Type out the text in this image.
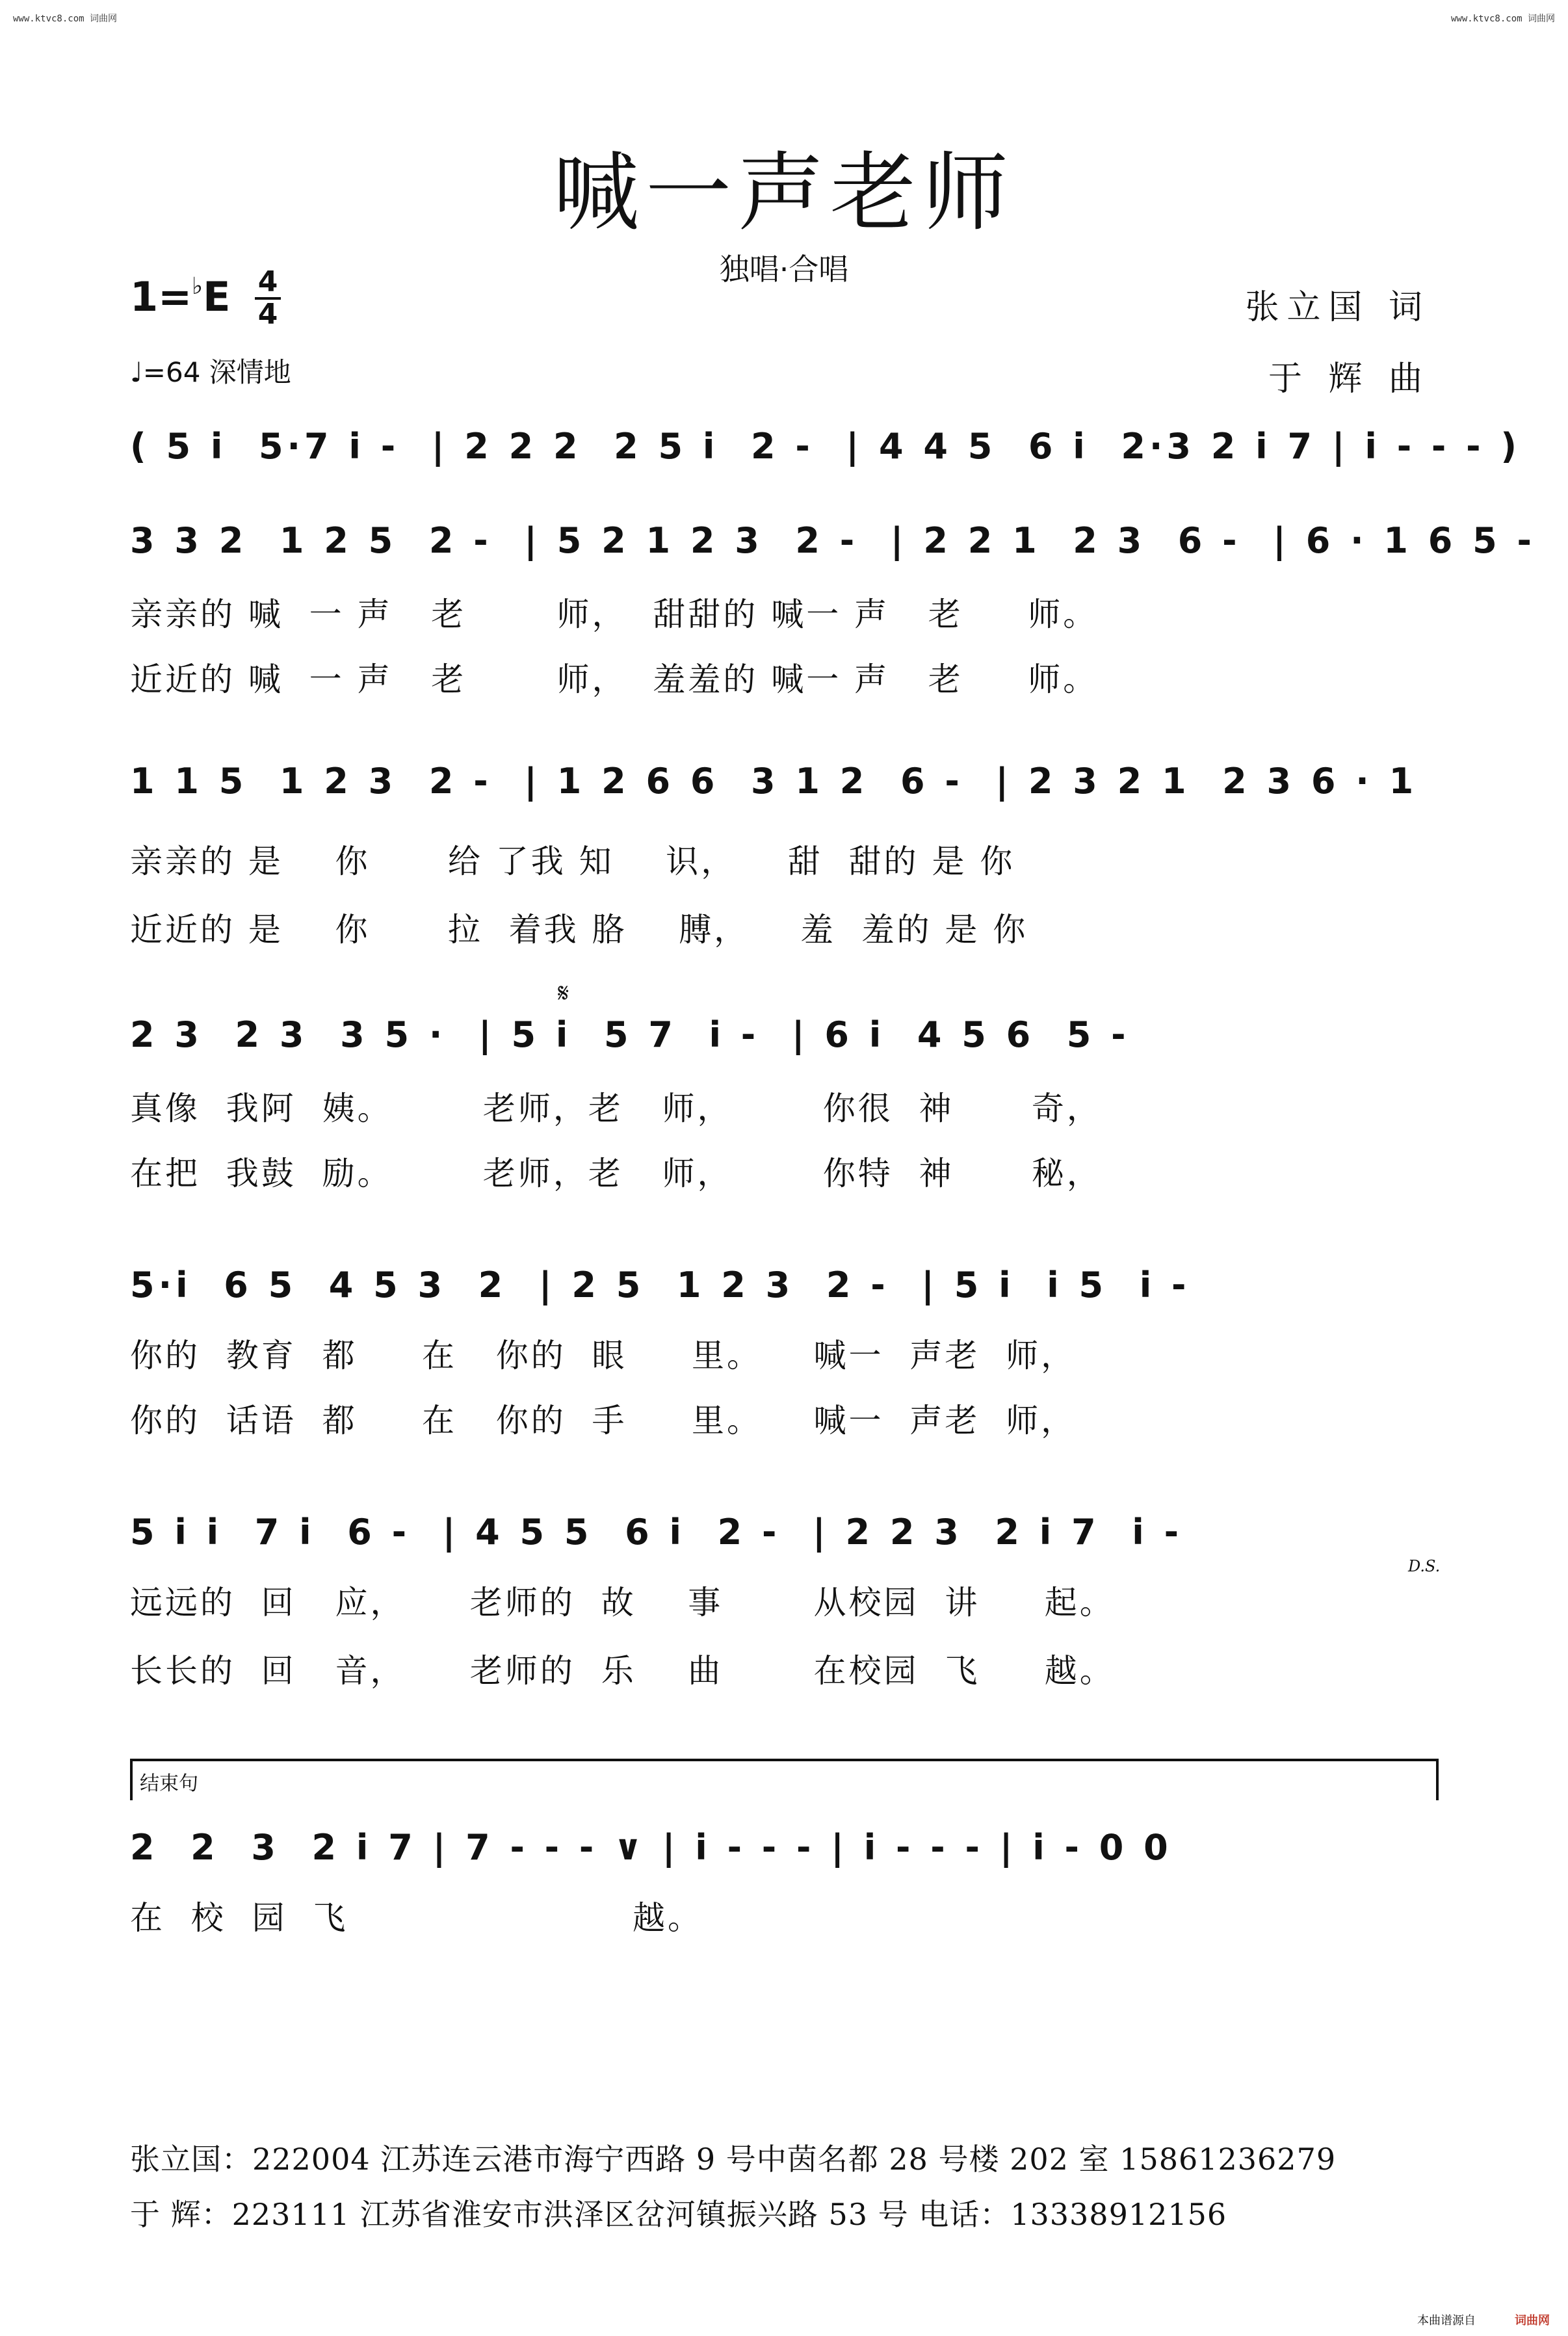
www.ktvc8.com 词曲网	www.ktvc8.com 词曲网
喊一声老师
独唱·合唱
1=♭E 4
4	张立国 词
于 辉 曲
♩=64 深情地
( 5 i  5·7 i -  | 2 2 2  2 5 i  2 -  | 4 4 5  6 i  2·3 2 i 7 | i - - - )
3 3 2  1 2 5  2 -  | 5 2 1 2 3  2 -  | 2 2 1  2 3  6 -  | 6 · 1 6 5 -
亲亲的 喊  一 声   老       师，  甜甜的 喊一 声   老     师。
近近的 喊  一 声   老       师，  羞羞的 喊一 声   老     师。
1 1 5  1 2 3  2 -  | 1 2 6 6  3 1 2  6 -  | 2 3 2 1  2 3 6 · 1
亲亲的 是    你      给 了我 知    识，    甜  甜的 是 你
近近的 是    你      拉  着我 胳    膊，    羞  羞的 是 你
𝄋
2 3  2 3  3 5 ·  | 5 i  5 7  i -  | 6 i  4 5 6  5 -
真像  我阿  姨。       老师，老   师，       你很  神      奇，
在把  我鼓  励。       老师，老   师，       你特  神      秘，
5·i  6 5  4 5 3  2  | 2 5  1 2 3  2 -  | 5 i  i 5  i -
你的  教育  都     在   你的  眼     里。    喊一  声老  师，
你的  话语  都     在   你的  手     里。    喊一  声老  师，
5 i i  7 i  6 -  | 4 5 5  6 i  2 -  | 2 2 3  2 i 7  i -
D.S.
远远的  回   应，     老师的  故    事       从校园  讲     起。
长长的  回   音，     老师的  乐    曲       在校园  飞     越。
结束句
2  2  3  2 i 7 | 7 - - - ∨ | i - - - | i - - - | i - 0 0
在  校  园  飞                      越。
张立国：222004 江苏连云港市海宁西路 9 号中茵名都 28 号楼 202 室 15861236279
于 辉：223111 江苏省淮安市洪泽区岔河镇振兴路 53 号 电话：13338912156
本曲谱源自	词曲网
